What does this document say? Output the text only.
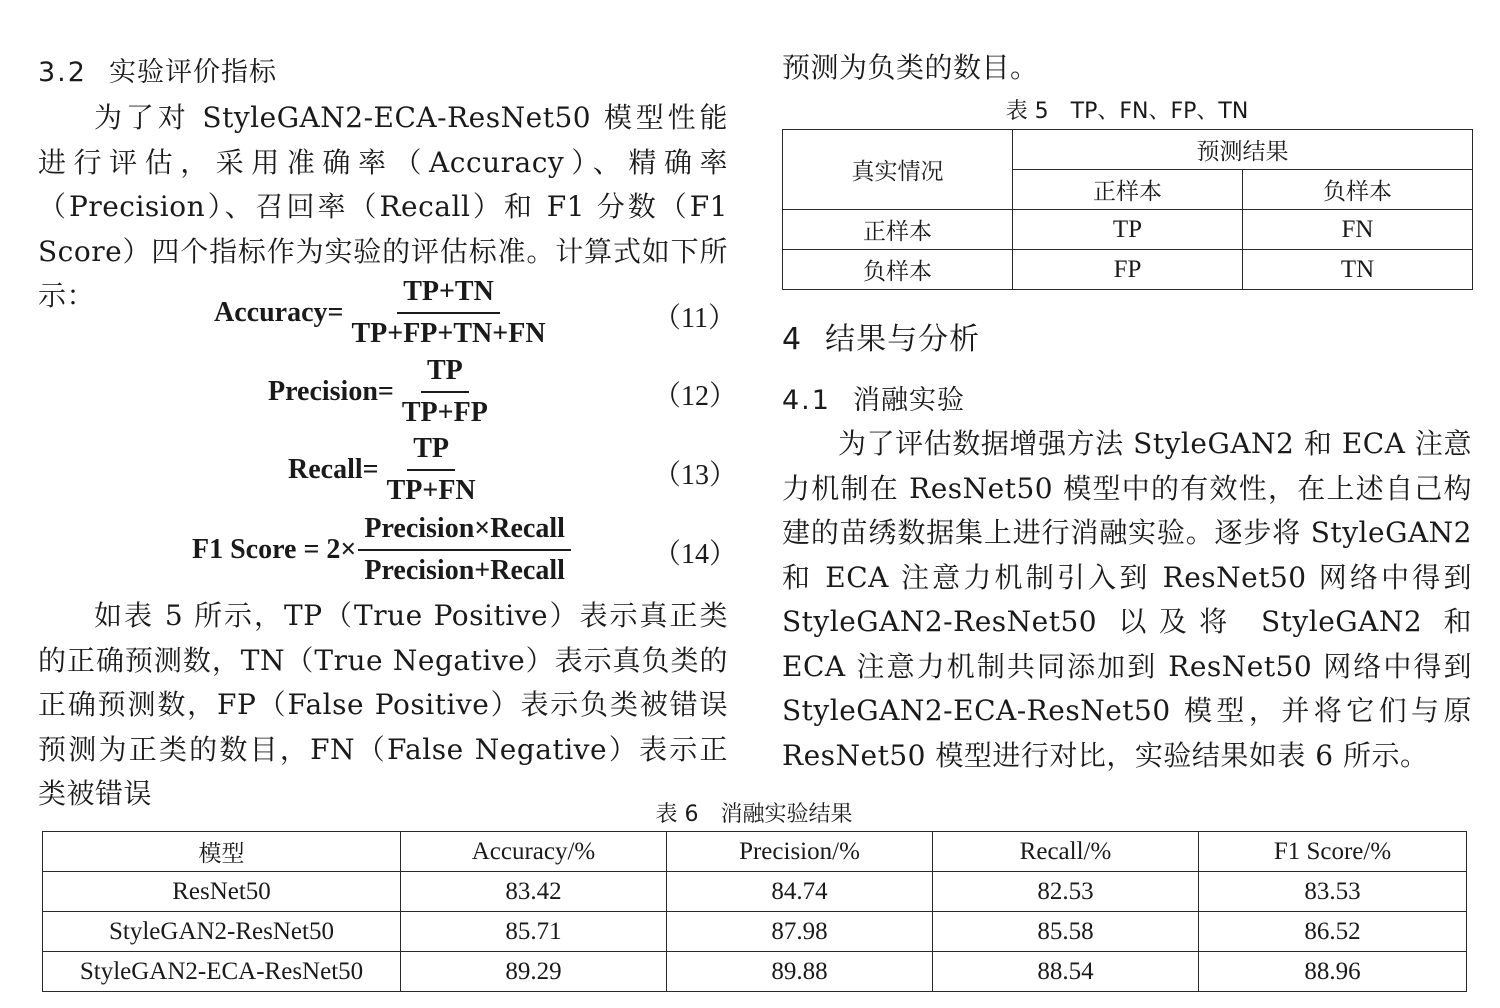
3.2 实验评价指标
为了对 StyleGAN2-ECA-ResNet50 模型性能进行评估，采用准确率（Accuracy）、精确率（Precision）、召回率（Recall）和 F1 分数（F1 Score）四个指标作为实验的评估标准。计算式如下所示：
Accuracy= $\frac{TP+TN}{TP+FP+TN+FN}$	（11）
Precision= $\frac{TP}{TP+FP}$	（12）
Recall= $\frac{TP}{TP+FN}$	（13）
F1 Score = $2\times \frac{\text{Precision×Recall}}{\text{Precision+Recall}}$	（14）
如表 5 所示，TP（True Positive）表示真正类的正确预测数，TN（True Negative）表示真负类的正确预测数，FP（False Positive）表示负类被错误预测为正类的数目，FN（False Negative）表示正类被错误
预测为负类的数目。
表 5　TP、FN、FP、TN
真实情况	预测结果	
	正样本	负样本
正样本	TP	FN
负样本	FP	TN
4 结果与分析
4.1 消融实验
为了评估数据增强方法 StyleGAN2 和 ECA 注意力机制在 ResNet50 模型中的有效性，在上述自己构建的苗绣数据集上进行消融实验。逐步将 StyleGAN2 和 ECA 注意力机制引入到 ResNet50 网络中得到 StyleGAN2-ResNet50 以及将 StyleGAN2 和 ECA 注意力机制共同添加到 ResNet50 网络中得到 StyleGAN2-ECA-ResNet50 模型，并将它们与原 ResNet50 模型进行对比，实验结果如表 6 所示。
表 6　消融实验结果
模型	Accuracy/%	Precision/%	Recall/%	F1 Score/%
ResNet50	83.42	84.74	82.53	83.53
StyleGAN2-ResNet50	85.71	87.98	85.58	86.52
StyleGAN2-ECA-ResNet50	89.29	89.88	88.54	88.96
